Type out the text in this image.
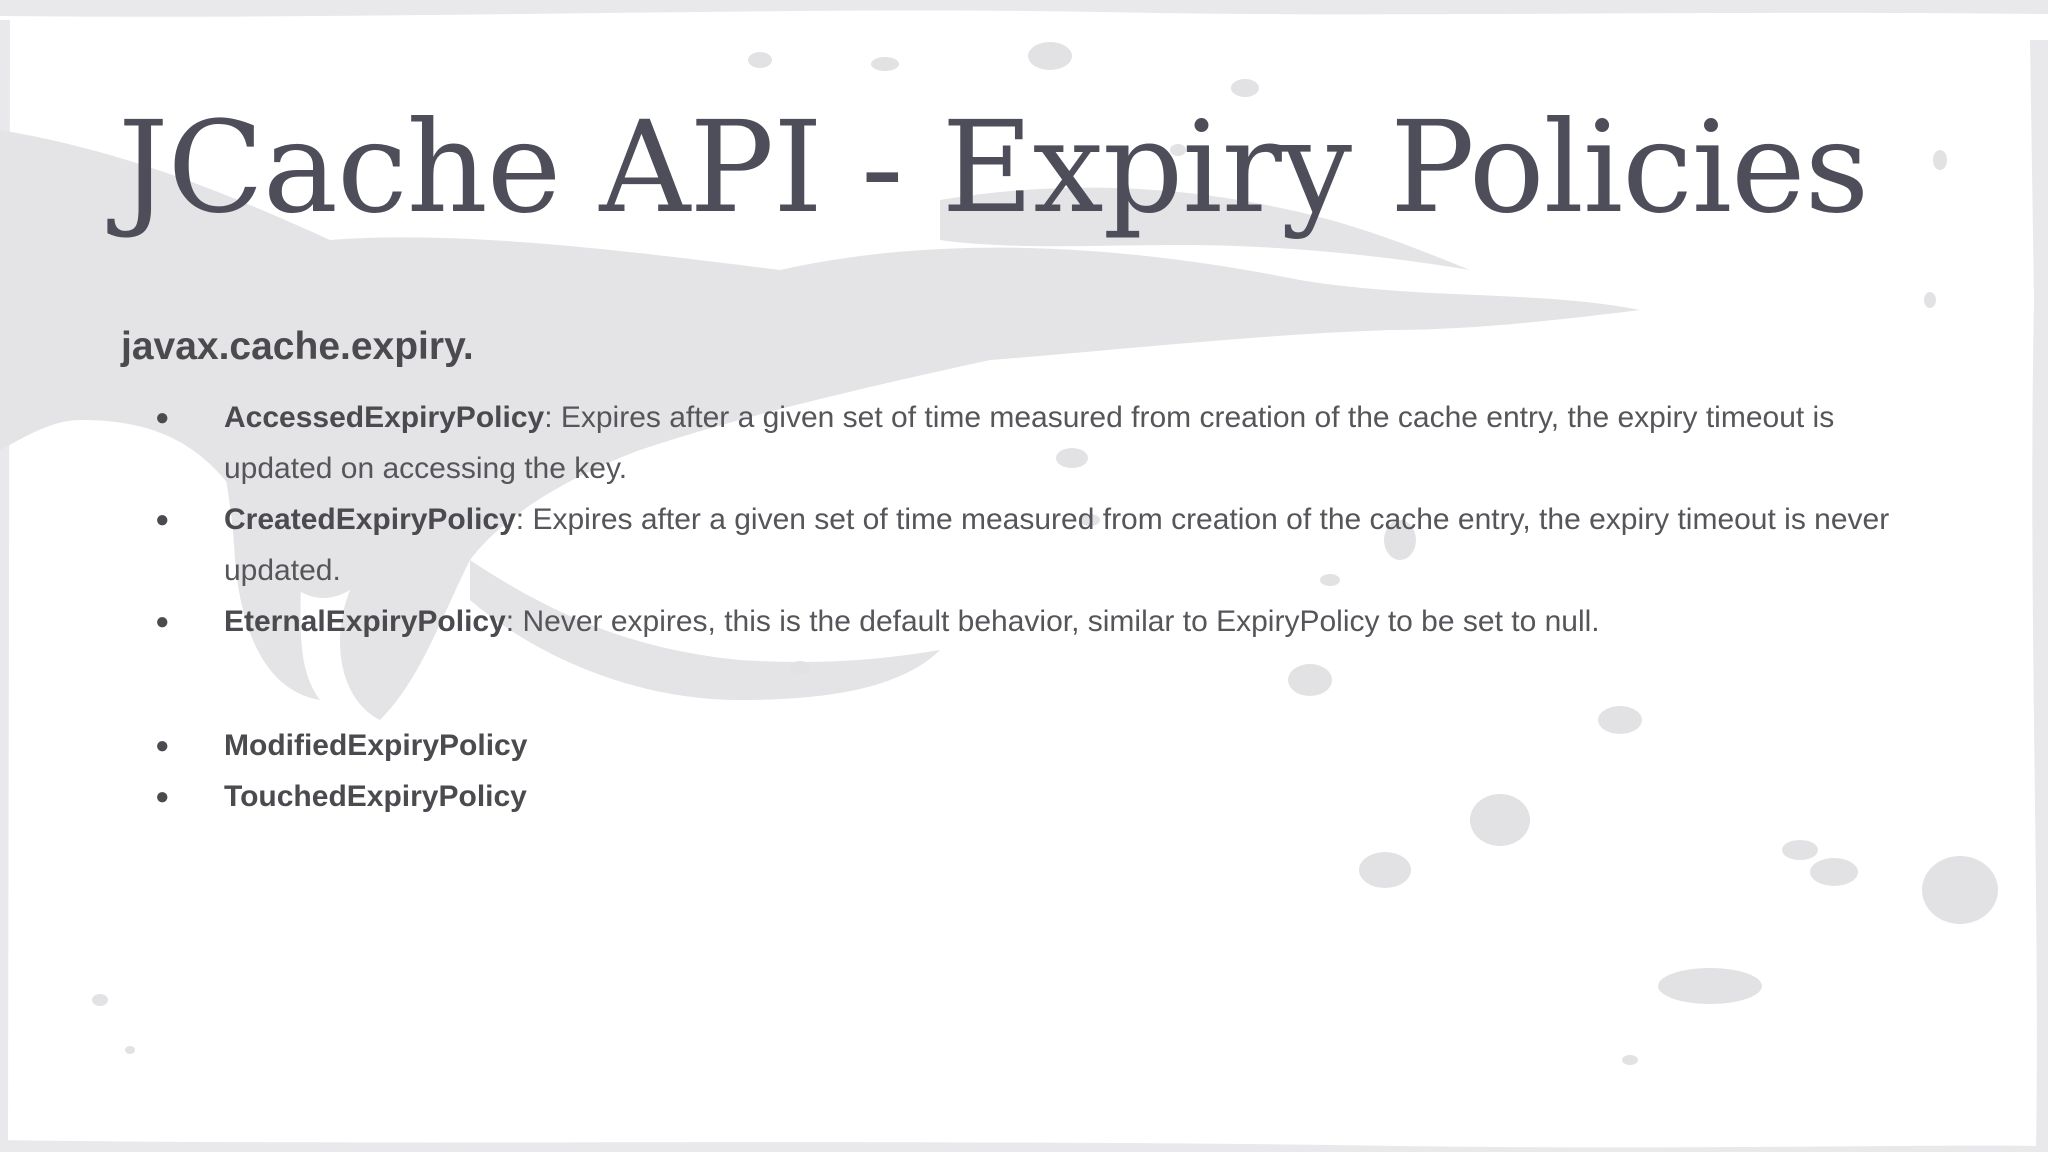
JCache API - Expiry Policies
javax.cache.expiry.
● AccessedExpiryPolicy: Expires after a given set of time measured from creation of the cache entry, the expiry timeout is updated on accessing the key.
● CreatedExpiryPolicy: Expires after a given set of time measured from creation of the cache entry, the expiry timeout is never updated.
● EternalExpiryPolicy: Never expires, this is the default behavior, similar to ExpiryPolicy to be set to null.
● ModifiedExpiryPolicy
● TouchedExpiryPolicy
